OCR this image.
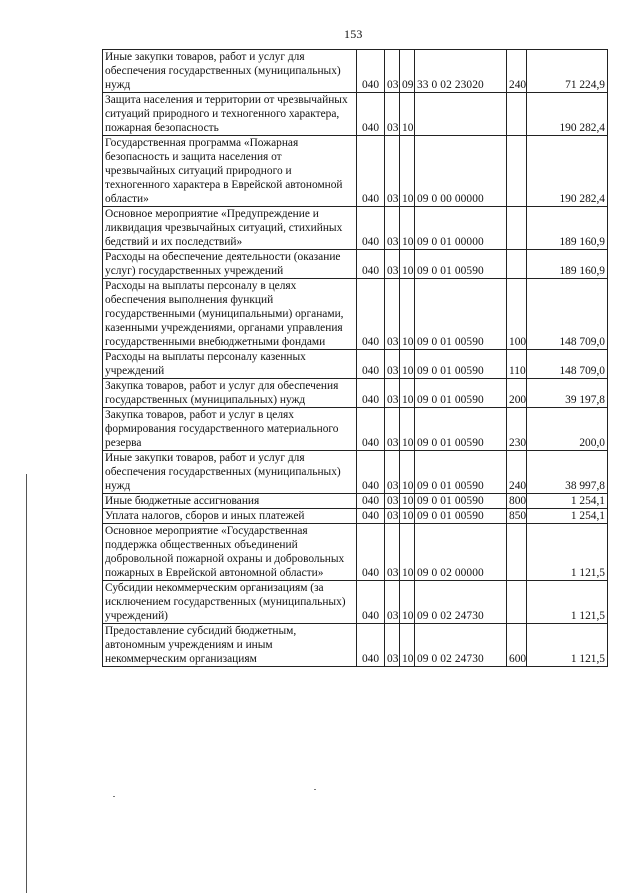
153
Иные закупки товаров, работ и услуг для обеспечения государственных (муниципальных) нужд	040	03	09	33 0 02 23020	240	71 224,9
Защита населения и территории от чрезвычайных ситуаций природного и техногенного характера, пожарная безопасность	040	03	10			190 282,4
Государственная программа «Пожарная безопасность и защита населения от чрезвычайных ситуаций природного и техногенного характера в Еврейской автономной области»	040	03	10	09 0 00 00000		190 282,4
Основное мероприятие «Предупреждение и ликвидация чрезвычайных ситуаций, стихийных бедствий и их последствий»	040	03	10	09 0 01 00000		189 160,9
Расходы на обеспечение деятельности (оказание услуг) государственных учреждений	040	03	10	09 0 01 00590		189 160,9
Расходы на выплаты персоналу в целях обеспечения выполнения функций государственными (муниципальными) органами, казенными учреждениями, органами управления государственными внебюджетными фондами	040	03	10	09 0 01 00590	100	148 709,0
Расходы на выплаты персоналу казенных учреждений	040	03	10	09 0 01 00590	110	148 709,0
Закупка товаров, работ и услуг для обеспечения государственных (муниципальных) нужд	040	03	10	09 0 01 00590	200	39 197,8
Закупка товаров, работ и услуг в целях формирования государственного материального резерва	040	03	10	09 0 01 00590	230	200,0
Иные закупки товаров, работ и услуг для обеспечения государственных (муниципальных) нужд	040	03	10	09 0 01 00590	240	38 997,8
Иные бюджетные ассигнования	040	03	10	09 0 01 00590	800	1 254,1
Уплата налогов, сборов и иных платежей	040	03	10	09 0 01 00590	850	1 254,1
Основное мероприятие «Государственная поддержка общественных объединений добровольной пожарной охраны и добровольных пожарных в Еврейской автономной области»	040	03	10	09 0 02 00000		1 121,5
Субсидии некоммерческим организациям (за исключением государственных (муниципальных) учреждений)	040	03	10	09 0 02 24730		1 121,5
Предоставление субсидий бюджетным, автономным учреждениям и иным некоммерческим организациям	040	03	10	09 0 02 24730	600	1 121,5
